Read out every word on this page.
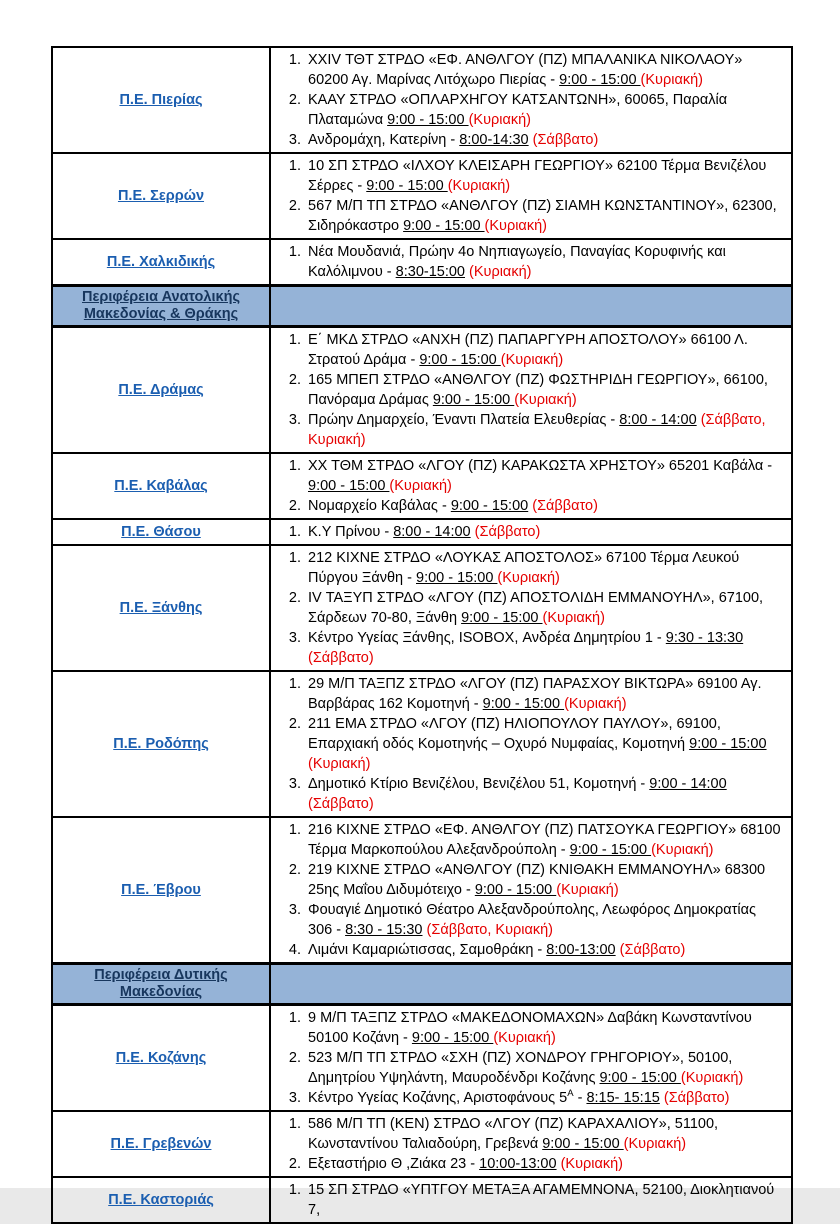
Π.Ε. Πιερίας	
1. XXIV ΤΘΤ ΣΤΡΔΟ «ΕΦ. ΑΝΘΛΓΟΥ (ΠΖ) ΜΠΑΛΑΝΙΚΑ ΝΙΚΟΛΑΟΥ» 60200 Αγ. Μαρίνας Λιτόχωρο Πιερίας - 9:00 - 15:00 (Κυριακή)
2. ΚΑΑΥ ΣΤΡΔΟ «ΟΠΛΑΡΧΗΓΟΥ ΚΑΤΣΑΝΤΩΝΗ», 60065, Παραλία Πλαταμώνα 9:00 - 15:00 (Κυριακή)
3. Ανδρομάχη, Κατερίνη - 8:00-14:30 (Σάββατο)

Π.Ε. Σερρών	
1. 10 ΣΠ ΣΤΡΔΟ «ΙΛΧΟΥ ΚΛΕΙΣΑΡΗ ΓΕΩΡΓΙΟΥ» 62100 Τέρμα Βενιζέλου Σέρρες - 9:00 - 15:00 (Κυριακή)
2. 567 Μ/Π ΤΠ ΣΤΡΔΟ «ΑΝΘΛΓΟΥ (ΠΖ) ΣΙΑΜΗ ΚΩΝΣΤΑΝΤΙΝΟΥ», 62300, Σιδηρόκαστρο 9:00 - 15:00 (Κυριακή)

Π.Ε. Χαλκιδικής	
1. Νέα Μουδανιά, Πρώην 4ο Νηπιαγωγείο, Παναγίας Κορυφινής και Καλόλιμνου - 8:30-15:00 (Κυριακή)

Περιφέρεια Ανατολικής Μακεδονίας & Θράκης	

Π.Ε. Δράμας	
1. Ε΄ ΜΚΔ ΣΤΡΔΟ «ΑΝΧΗ (ΠΖ) ΠΑΠΑΡΓΥΡΗ ΑΠΟΣΤΟΛΟΥ» 66100 Λ. Στρατού Δράμα - 9:00 - 15:00 (Κυριακή)
2. 165 ΜΠΕΠ ΣΤΡΔΟ «ΑΝΘΛΓΟΥ (ΠΖ) ΦΩΣΤΗΡΙΔΗ ΓΕΩΡΓΙΟΥ», 66100, Πανόραμα Δράμας 9:00 - 15:00 (Κυριακή)
3. Πρώην Δημαρχείο, Έναντι Πλατεία Ελευθερίας - 8:00 - 14:00 (Σάββατο, Κυριακή)

Π.Ε. Καβάλας	
1. ΧΧ ΤΘΜ ΣΤΡΔΟ «ΛΓΟΥ (ΠΖ) ΚΑΡΑΚΩΣΤΑ ΧΡΗΣΤΟΥ» 65201 Καβάλα - 9:00 - 15:00 (Κυριακή)
2. Νομαρχείο Καβάλας - 9:00 - 15:00 (Σάββατο)

Π.Ε. Θάσου	
1.Κ.Υ Πρίνου - 8:00 - 14:00 (Σάββατο)

Π.Ε. Ξάνθης	
1. 212 ΚΙΧΝΕ ΣΤΡΔΟ «ΛΟΥΚΑΣ ΑΠΟΣΤΟΛΟΣ» 67100 Τέρμα Λευκού Πύργου Ξάνθη - 9:00 - 15:00 (Κυριακή)
2. IV ΤΑΞΥΠ ΣΤΡΔΟ «ΛΓΟΥ (ΠΖ) ΑΠΟΣΤΟΛΙΔΗ ΕΜΜΑΝΟΥΗΛ», 67100, Σάρδεων 70-80, Ξάνθη 9:00 - 15:00 (Κυριακή)
3. Κέντρο Υγείας Ξάνθης, ISOBOX, Ανδρέα Δημητρίου 1 - 9:30 - 13:30 (Σάββατο)

Π.Ε. Ροδόπης	
1. 29 Μ/Π ΤΑΞΠΖ ΣΤΡΔΟ «ΛΓΟΥ (ΠΖ) ΠΑΡΑΣΧΟΥ ΒΙΚΤΩΡΑ» 69100 Αγ. Βαρβάρας 162 Κομοτηνή - 9:00 - 15:00 (Κυριακή)
2. 211 ΕΜΑ ΣΤΡΔΟ «ΛΓΟΥ (ΠΖ) ΗΛΙΟΠΟΥΛΟΥ ΠΑΥΛΟΥ», 69100, Επαρχιακή οδός Κομοτηνής – Οχυρό Νυμφαίας, Κομοτηνή 9:00 - 15:00 (Κυριακή)
3. Δημοτικό Κτίριο Βενιζέλου, Βενιζέλου 51, Κομοτηνή - 9:00 - 14:00 (Σάββατο)

Π.Ε. Έβρου	
1. 216 ΚΙΧΝΕ ΣΤΡΔΟ «ΕΦ. ΑΝΘΛΓΟΥ (ΠΖ) ΠΑΤΣΟΥΚΑ ΓΕΩΡΓΙΟΥ» 68100 Τέρμα Μαρκοπούλου Αλεξανδρούπολη - 9:00 - 15:00 (Κυριακή)
2. 219 ΚΙΧΝΕ ΣΤΡΔΟ «ΑΝΘΛΓΟΥ (ΠΖ) ΚΝΙΘΑΚΗ ΕΜΜΑΝΟΥΗΛ» 68300 25ης Μαΐου Διδυμότειχο - 9:00 - 15:00 (Κυριακή)
3. Φουαγιέ Δημοτικό Θέατρο Αλεξανδρούπολης, Λεωφόρος Δημοκρατίας 306 - 8:30 - 15:30 (Σάββατο, Κυριακή)
4. Λιμάνι Καμαριώτισσας, Σαμοθράκη - 8:00-13:00 (Σάββατο)

Περιφέρεια Δυτικής Μακεδονίας	

Π.Ε. Κοζάνης	
1. 9 Μ/Π ΤΑΞΠΖ ΣΤΡΔΟ «ΜΑΚΕΔΟΝΟΜΑΧΩΝ» Δαβάκη Κωνσταντίνου 50100 Κοζάνη - 9:00 - 15:00 (Κυριακή)
2. 523 Μ/Π ΤΠ ΣΤΡΔΟ «ΣΧΗ (ΠΖ) ΧΟΝΔΡΟΥ ΓΡΗΓΟΡΙΟΥ», 50100, Δημητρίου Υψηλάντη, Μαυροδένδρι Κοζάνης 9:00 - 15:00 (Κυριακή)
3. Κέντρο Υγείας Κοζάνης, Αριστοφάνους $5^A$ - 8:15- 15:15 (Σάββατο)

Π.Ε. Γρεβενών	
1. 586 Μ/Π ΤΠ (ΚΕΝ) ΣΤΡΔΟ «ΛΓΟΥ (ΠΖ) ΚΑΡΑΧΑΛΙΟΥ», 51100, Κωνσταντίνου Ταλιαδούρη, Γρεβενά 9:00 - 15:00 (Κυριακή)
2. Εξεταστήριο Θ ,Ζιάκα 23 - 10:00-13:00 (Κυριακή)

Π.Ε. Καστοριάς	
1. 15 ΣΠ ΣΤΡΔΟ «ΥΠΤΓΟΥ ΜΕΤΑΞΑ ΑΓΑΜΕΜΝΟΝΑ, 52100, Διοκλητιανού 7,
